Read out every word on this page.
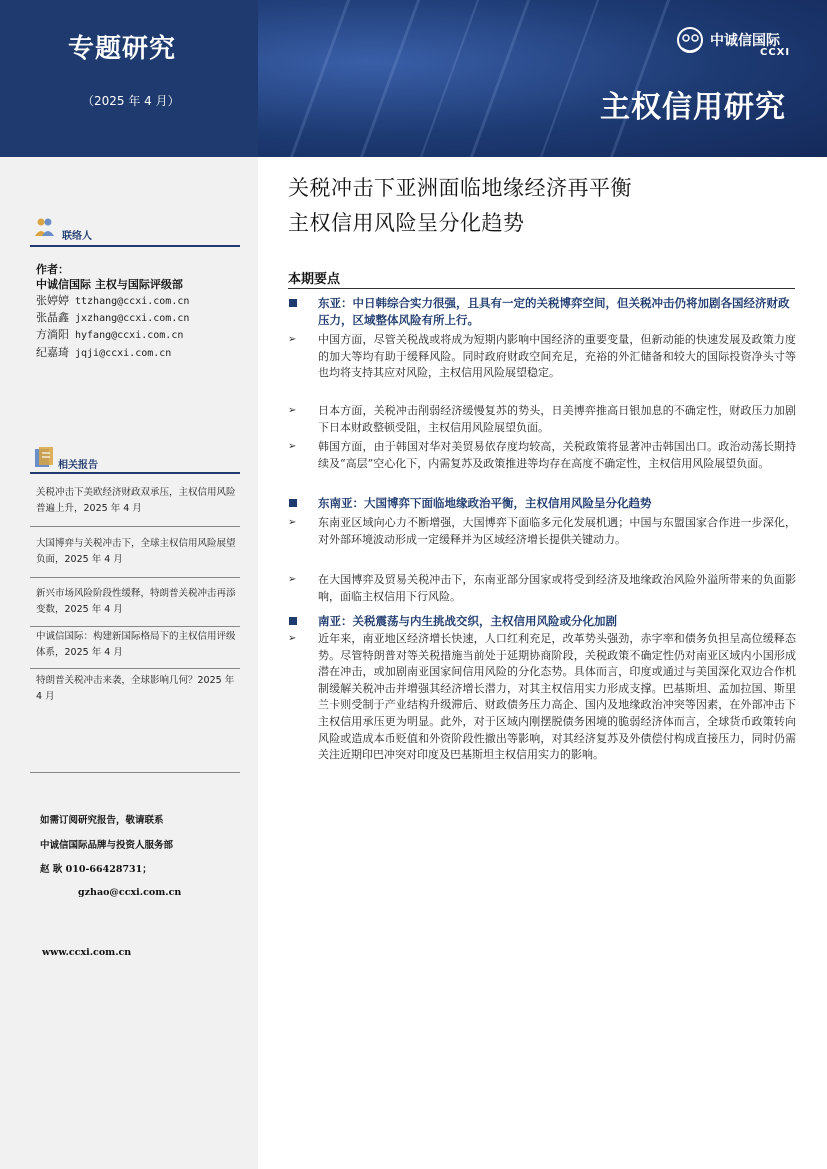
专题研究
（2025 年 4 月）	主权信用研究
中诚信国际
CCXI
联络人
作者：
中诚信国际 主权与国际评级部
张婷婷 ttzhang@ccxi.com.cn
张晶鑫 jxzhang@ccxi.com.cn
方淌阳 hyfang@ccxi.com.cn
纪嘉琦 jqji@ccxi.com.cn
相关报告
关税冲击下美欧经济财政双承压，主权信用风险普遍上升，2025 年 4 月
大国博弈与关税冲击下，全球主权信用风险展望负面，2025 年 4 月
新兴市场风险阶段性缓释，特朗普关税冲击再添变数，2025 年 4 月
中诚信国际：构建新国际格局下的主权信用评级体系，2025 年 4 月
特朗普关税冲击来袭，全球影响几何？2025 年 4 月
如需订阅研究报告，敬请联系
中诚信国际品牌与投资人服务部
赵 耿 010-66428731；
gzhao@ccxi.com.cn
www.ccxi.com.cn
关税冲击下亚洲面临地缘经济再平衡
主权信用风险呈分化趋势
本期要点
东亚：中日韩综合实力很强，且具有一定的关税博弈空间，但关税冲击仍将加剧各国经济财政压力，区域整体风险有所上行。
➢ 中国方面，尽管关税战或将成为短期内影响中国经济的重要变量，但新动能的快速发展及政策力度的加大等均有助于缓释风险。同时政府财政空间充足，充裕的外汇储备和较大的国际投资净头寸等也均将支持其应对风险，主权信用风险展望稳定。
➢ 日本方面，关税冲击削弱经济缓慢复苏的势头，日美博弈推高日银加息的不确定性，财政压力加剧下日本财政整顿受阻，主权信用风险展望负面。
➢ 韩国方面，由于韩国对华对美贸易依存度均较高，关税政策将显著冲击韩国出口。政治动荡长期持续及“高层”空心化下，内需复苏及政策推进等均存在高度不确定性，主权信用风险展望负面。
东南亚：大国博弈下面临地缘政治平衡，主权信用风险呈分化趋势
➢ 东南亚区域向心力不断增强，大国博弈下面临多元化发展机遇；中国与东盟国家合作进一步深化，对外部环境波动形成一定缓释并为区域经济增长提供关键动力。
➢ 在大国博弈及贸易关税冲击下，东南亚部分国家或将受到经济及地缘政治风险外溢所带来的负面影响，面临主权信用下行风险。
南亚：关税震荡与内生挑战交织，主权信用风险或分化加剧
➢ 近年来，南亚地区经济增长快速，人口红利充足，改革势头强劲，赤字率和债务负担呈高位缓释态势。尽管特朗普对等关税措施当前处于延期协商阶段，关税政策不确定性仍对南亚区域内小国形成潜在冲击，或加剧南亚国家间信用风险的分化态势。具体而言，印度或通过与美国深化双边合作机制缓解关税冲击并增强其经济增长潜力，对其主权信用实力形成支撑。巴基斯坦、孟加拉国、斯里兰卡则受制于产业结构升级滞后、财政债务压力高企、国内及地缘政治冲突等因素，在外部冲击下主权信用承压更为明显。此外，对于区域内刚摆脱债务困境的脆弱经济体而言，全球货币政策转向风险或造成本币贬值和外资阶段性撤出等影响，对其经济复苏及外债偿付构成直接压力，同时仍需关注近期印巴冲突对印度及巴基斯坦主权信用实力的影响。
